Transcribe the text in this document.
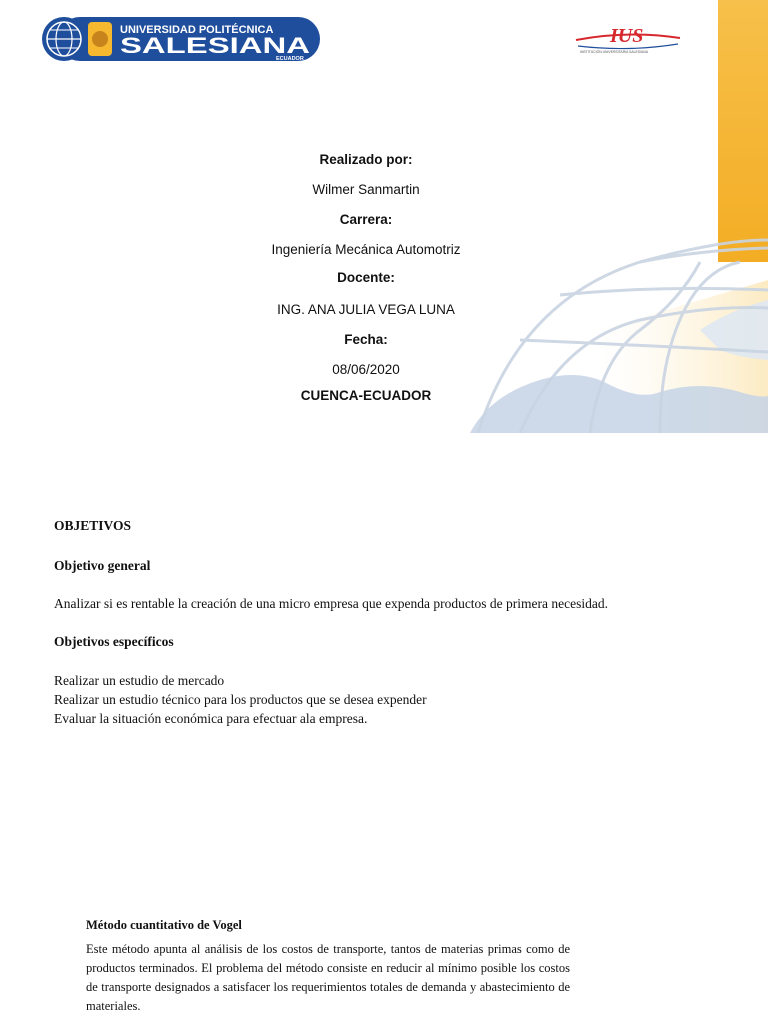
UNIVERSIDAD POLITÉCNICA
SALESIANA
ECUADOR
IUS
INSTITUCIÓN UNIVERSITARIA SALESIANA
Realizado por:
Wilmer Sanmartin
Carrera:
Ingeniería Mecánica Automotriz
Docente:
ING. ANA JULIA VEGA LUNA
Fecha:
08/06/2020
CUENCA-ECUADOR
OBJETIVOS
Objetivo general
Analizar si es rentable la creación de una micro empresa que expenda productos de primera necesidad.
Objetivos específicos
Realizar un estudio de mercado
Realizar un estudio técnico para los productos que se desea expender
Evaluar la situación económica para efectuar ala empresa.
Método cuantitativo de Vogel

Este método apunta al análisis de los costos de transporte, tantos de materias primas como de productos terminados. El problema del método consiste en reducir al mínimo posible los costos de transporte designados a satisfacer los requerimientos totales de demanda y abastecimiento de materiales.
